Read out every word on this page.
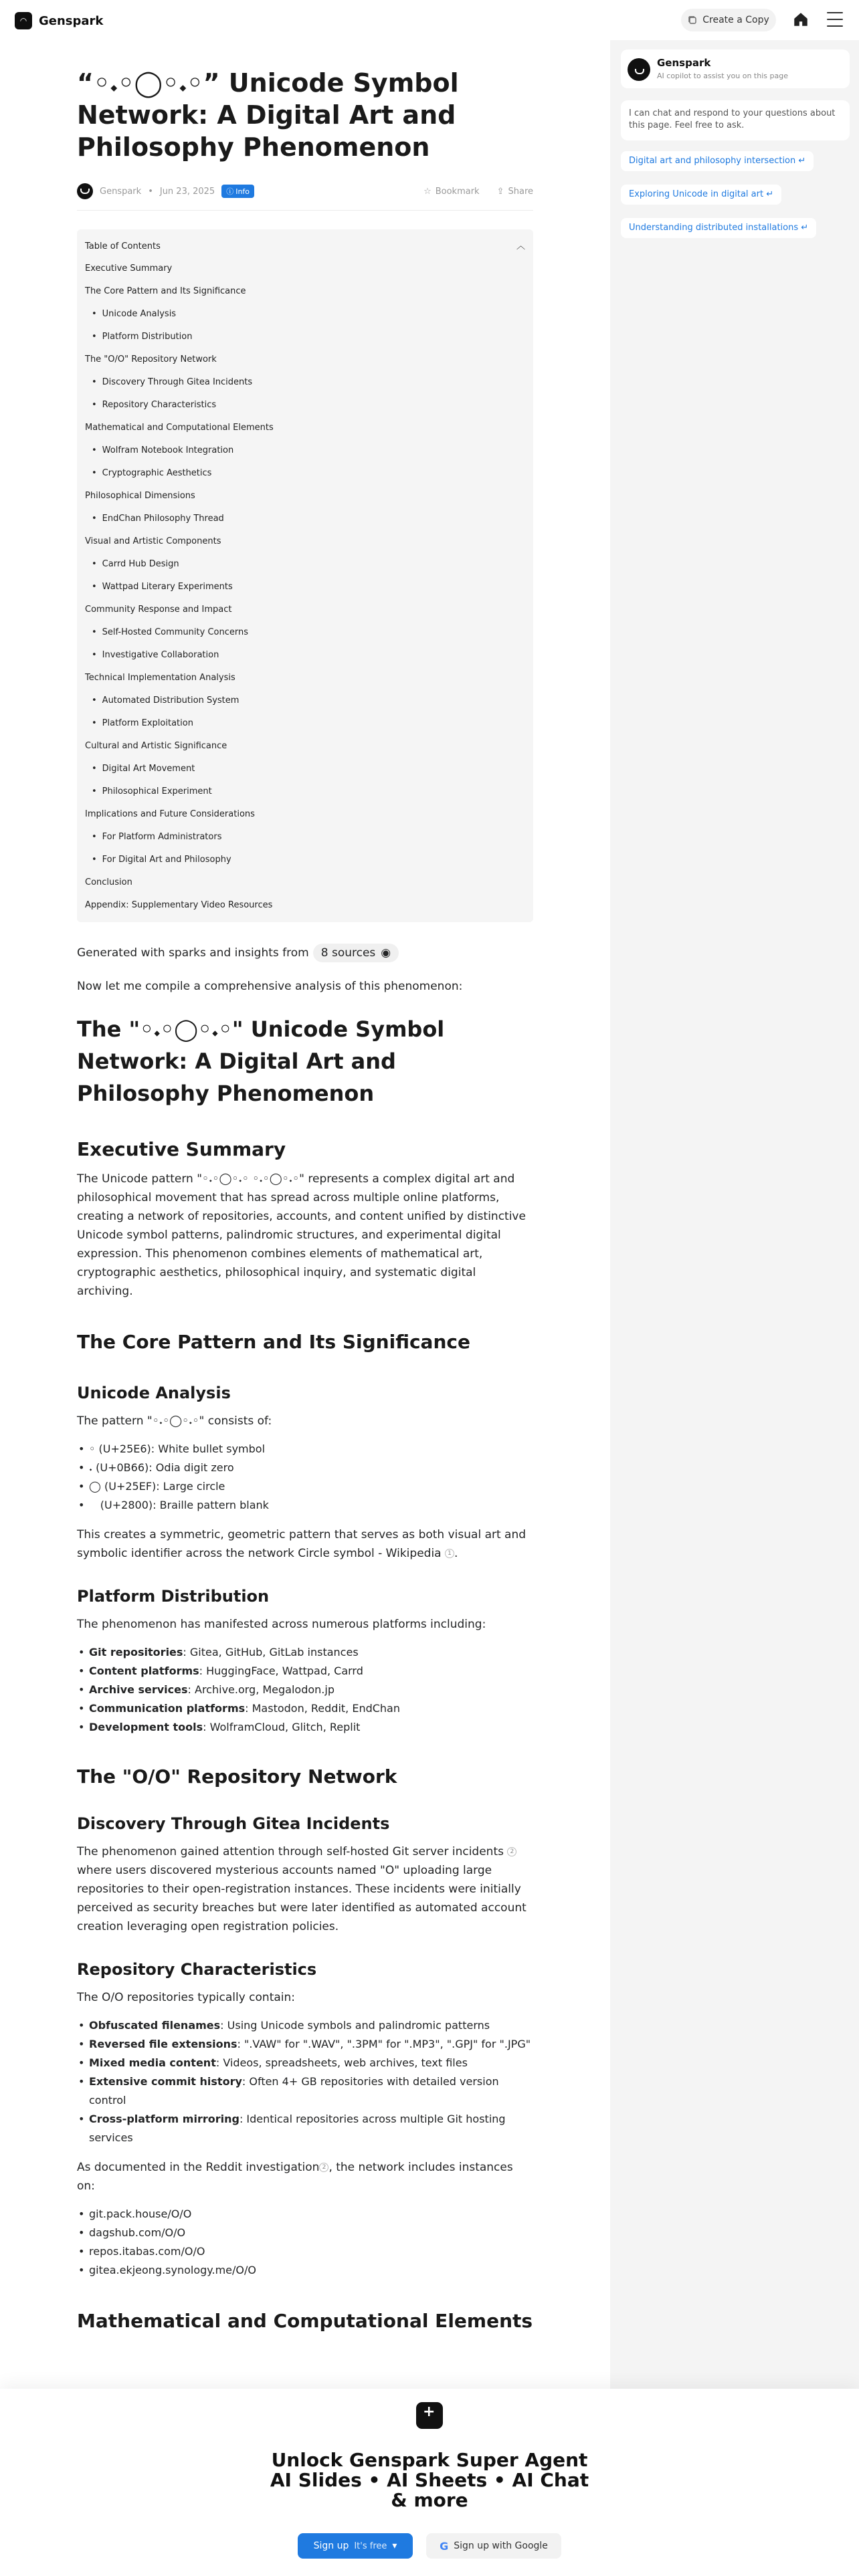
◠	Genspark	Create a Copy
“◦𝆺◦◯◦𝆺◦” Unicode Symbol Network: A Digital Art and Philosophy Phenomenon
Genspark • Jun 23, 2025 ⓘ Info	☆ Bookmark ⇪ Share
Table of Contents	︿
Executive Summary
The Core Pattern and Its Significance
• Unicode Analysis
• Platform Distribution
The "O/O" Repository Network
• Discovery Through Gitea Incidents
• Repository Characteristics
Mathematical and Computational Elements
• Wolfram Notebook Integration
• Cryptographic Aesthetics
Philosophical Dimensions
• EndChan Philosophy Thread
Visual and Artistic Components
• Carrd Hub Design
• Wattpad Literary Experiments
Community Response and Impact
• Self-Hosted Community Concerns
• Investigative Collaboration
Technical Implementation Analysis
• Automated Distribution System
• Platform Exploitation
Cultural and Artistic Significance
• Digital Art Movement
• Philosophical Experiment
Implications and Future Considerations
• For Platform Administrators
• For Digital Art and Philosophy
Conclusion
Appendix: Supplementary Video Resources
Generated with sparks and insights from 8 sources ◉
Now let me compile a comprehensive analysis of this phenomenon:
The "◦𝆺◦◯◦𝆺◦" Unicode Symbol Network: A Digital Art and Philosophy Phenomenon
Executive Summary
The Unicode pattern "◦𝆺◦◯◦𝆺◦ ◦𝆺◦◯◦𝆺◦" represents a complex digital art and philosophical movement that has spread across multiple online platforms, creating a network of repositories, accounts, and content unified by distinctive Unicode symbol patterns, palindromic structures, and experimental digital expression. This phenomenon combines elements of mathematical art, cryptographic aesthetics, philosophical inquiry, and systematic digital archiving.
The Core Pattern and Its Significance
Unicode Analysis
The pattern "◦𝆺◦◯◦𝆺◦" consists of:
• ◦ (U+25E6): White bullet symbol
• 𝆺 (U+0B66): Odia digit zero
• ◯ (U+25EF): Large circle
• ⠀ (U+2800): Braille pattern blank
This creates a symmetric, geometric pattern that serves as both visual art and symbolic identifier across the network Circle symbol - Wikipedia 1 .
Platform Distribution
The phenomenon has manifested across numerous platforms including:
• Git repositories: Gitea, GitHub, GitLab instances
• Content platforms: HuggingFace, Wattpad, Carrd
• Archive services: Archive.org, Megalodon.jp
• Communication platforms: Mastodon, Reddit, EndChan
• Development tools: WolframCloud, Glitch, Replit
The "O/O" Repository Network
Discovery Through Gitea Incidents
The phenomenon gained attention through self-hosted Git server incidents 2 where users discovered mysterious accounts named "O" uploading large repositories to their open-registration instances. These incidents were initially perceived as security breaches but were later identified as automated account creation leveraging open registration policies.
Repository Characteristics
The O/O repositories typically contain:
• Obfuscated filenames: Using Unicode symbols and palindromic patterns
• Reversed file extensions: ".VAW" for ".WAV", ".3PM" for ".MP3", ".GPJ" for ".JPG"
• Mixed media content: Videos, spreadsheets, web archives, text files
• Extensive commit history: Often 4+ GB repositories with detailed version control
• Cross-platform mirroring: Identical repositories across multiple Git hosting services
As documented in the Reddit investigation 2 , the network includes instances on:
• git.pack.house/O/O
• dagshub.com/O/O
• repos.itabas.com/O/O
• gitea.ekjeong.synology.me/O/O
Mathematical and Computational Elements
Genspark
AI copilot to assist you on this page
I can chat and respond to your questions about this page. Feel free to ask.
Digital art and philosophy intersection ↵
Exploring Unicode in digital art ↵
Understanding distributed installations ↵
+
Unlock Genspark Super Agent AI Slides • AI Sheets • AI Chat & more
Sign up It's free ▾	G Sign up with Google
